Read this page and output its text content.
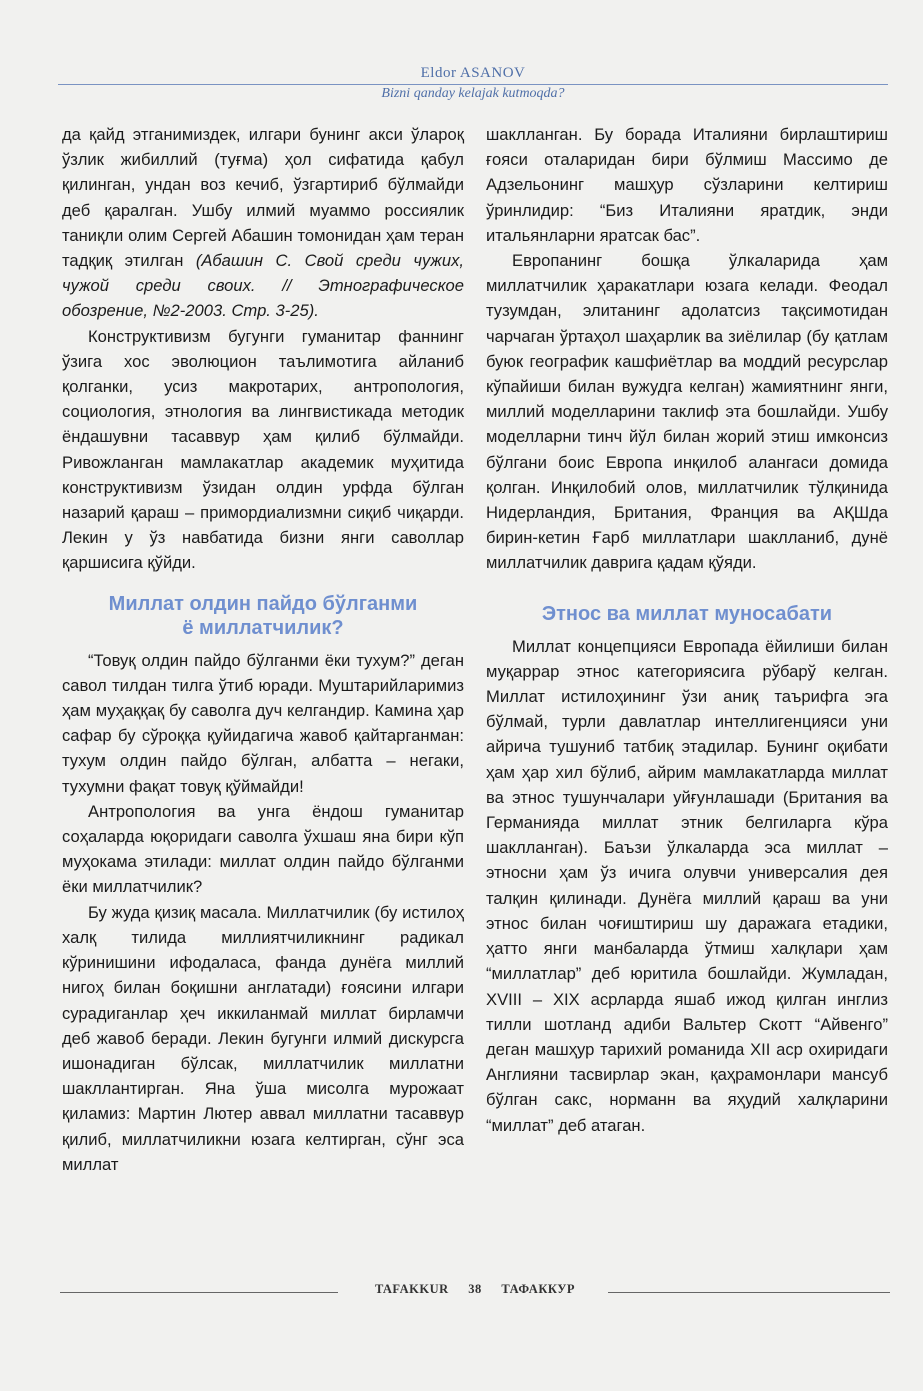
Eldor ASANOV
Bizni qanday kelajak kutmoqda?

да қайд этганимиздек, илгари бунинг акси ўлароқ ўзлик жибиллий (туғма) ҳол сифатида қабул қилинган, ундан воз кечиб, ўзгартириб бўлмайди деб қаралган. Ушбу илмий муаммо россиялик таниқли олим Сергей Абашин томонидан ҳам теран тадқиқ этилган (Абашин С. Свой среди чужих, чужой среди своих. // Этнографическое обозрение, №2-2003. Стр. 3-25).

Конструктивизм бугунги гуманитар фаннинг ўзига хос эволюцион таълимотига айланиб қолганки, усиз макротарих, антропология, социология, этнология ва лингвистикада методик ёндашувни тасаввур ҳам қилиб бўлмайди. Ривожланган мамлакатлар академик муҳитида конструктивизм ўзидан олдин урфда бўлган назарий қараш – примордиализмни сиқиб чиқарди. Лекин у ўз навбатида бизни янги саволлар қаршисига қўйди.

Миллат олдин пайдо бўлганми
ё миллатчилик?

“Товуқ олдин пайдо бўлганми ёки тухум?” деган савол тилдан тилга ўтиб юради. Муштарийларимиз ҳам муҳаққақ бу саволга дуч келгандир. Камина ҳар сафар бу сўроққа қуйидагича жавоб қайтарганман: тухум олдин пайдо бўлган, албатта – негаки, тухумни фақат товуқ қўймайди!

Антропология ва унга ёндош гуманитар соҳаларда юқоридаги саволга ўхшаш яна бири кўп муҳокама этилади: миллат олдин пайдо бўлганми ёки миллатчилик?

Бу жуда қизиқ масала. Миллатчилик (бу истилоҳ халқ тилида миллиятчиликнинг радикал кўринишини ифодаласа, фанда дунёга миллий нигоҳ билан боқишни англатади) ғоясини илгари сурадиганлар ҳеч иккиланмай миллат бирламчи деб жавоб беради. Лекин бугунги илмий дискурсга ишонадиган бўлсак, миллатчилик миллатни шакллантирган. Яна ўша мисолга мурожаат қиламиз: Мартин Лютер аввал миллатни тасаввур қилиб, миллатчиликни юзага келтирган, сўнг эса миллат

шаклланган. Бу борада Италияни бирлаштириш ғояси оталаридан бири бўлмиш Массимо де Адзельонинг машҳур сўзларини келтириш ўринлидир: “Биз Италияни яратдик, энди итальянларни яратсак бас”.

Европанинг бошқа ўлкаларида ҳам миллатчилик ҳаракатлари юзага келади. Феодал тузумдан, элитанинг адолатсиз тақсимотидан чарчаган ўртаҳол шаҳарлик ва зиёлилар (бу қатлам буюк географик кашфиётлар ва моддий ресурслар кўпайиши билан вужудга келган) жамиятнинг янги, миллий моделларини таклиф эта бошлайди. Ушбу моделларни тинч йўл билан жорий этиш имконсиз бўлгани боис Европа инқилоб алангаси домида қолган. Инқилобий олов, миллатчилик тўлқинида Нидерландия, Британия, Франция ва АҚШда бирин-кетин Ғарб миллатлари шаклланиб, дунё миллатчилик даврига қадам қўяди.

Этнос ва миллат муносабати

Миллат концепцияси Европада ёйилиши билан муқаррар этнос категориясига рўбарў келган. Миллат истилоҳининг ўзи аниқ таърифга эга бўлмай, турли давлатлар интеллигенцияси уни айрича тушуниб татбиқ этадилар. Бунинг оқибати ҳам ҳар хил бўлиб, айрим мамлакатларда миллат ва этнос тушунчалари уйғунлашади (Британия ва Германияда миллат этник белгиларга кўра шаклланган). Баъзи ўлкаларда эса миллат – этносни ҳам ўз ичига олувчи универсалия дея талқин қилинади. Дунёга миллий қараш ва уни этнос билан чоғиштириш шу даражага етадики, ҳатто янги манбаларда ўтмиш халқлари ҳам “миллатлар” деб юритила бошлайди. Жумладан, XVIII – XIX асрларда яшаб ижод қилган инглиз тилли шотланд адиби Вальтер Скотт “Айвенго” деган машҳур тарихий романида XII аср охиридаги Англияни тасвирлар экан, қаҳрамонлари мансуб бўлган сакс, норманн ва яҳудий халқларини “миллат” деб атаган.

TAFAKKUR 38 ТАФАККУР
